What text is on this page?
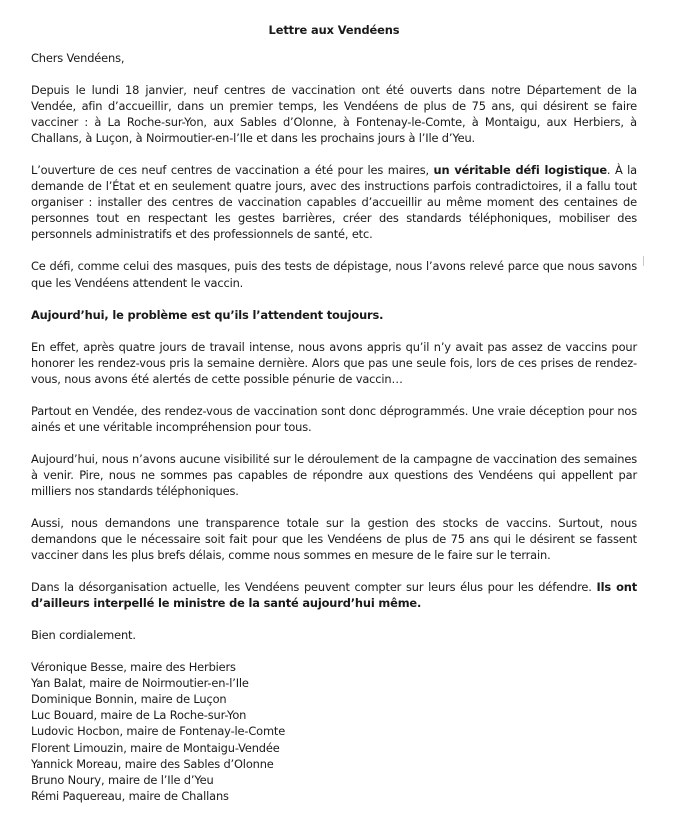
Lettre aux Vendéens

Chers Vendéens,

Depuis le lundi 18 janvier, neuf centres de vaccination ont été ouverts dans notre Département de la Vendée, afin d’accueillir, dans un premier temps, les Vendéens de plus de 75 ans, qui désirent se faire vacciner : à La Roche-sur-Yon, aux Sables d’Olonne, à Fontenay-le-Comte, à Montaigu, aux Herbiers, à Challans, à Luçon, à Noirmoutier-en-l’Ile et dans les prochains jours à l’Ile d’Yeu.

L’ouverture de ces neuf centres de vaccination a été pour les maires, un véritable défi logistique. À la demande de l’État et en seulement quatre jours, avec des instructions parfois contradictoires, il a fallu tout organiser : installer des centres de vaccination capables d’accueillir au même moment des centaines de personnes tout en respectant les gestes barrières, créer des standards téléphoniques, mobiliser des personnels administratifs et des professionnels de santé, etc.

Ce défi, comme celui des masques, puis des tests de dépistage, nous l’avons relevé parce que nous savons que les Vendéens attendent le vaccin.

Aujourd’hui, le problème est qu’ils l’attendent toujours.

En effet, après quatre jours de travail intense, nous avons appris qu’il n’y avait pas assez de vaccins pour honorer les rendez-vous pris la semaine dernière. Alors que pas une seule fois, lors de ces prises de rendez-vous, nous avons été alertés de cette possible pénurie de vaccin…

Partout en Vendée, des rendez-vous de vaccination sont donc déprogrammés. Une vraie déception pour nos ainés et une véritable incompréhension pour tous.

Aujourd’hui, nous n’avons aucune visibilité sur le déroulement de la campagne de vaccination des semaines à venir. Pire, nous ne sommes pas capables de répondre aux questions des Vendéens qui appellent par milliers nos standards téléphoniques.

Aussi, nous demandons une transparence totale sur la gestion des stocks de vaccins. Surtout, nous demandons que le nécessaire soit fait pour que les Vendéens de plus de 75 ans qui le désirent se fassent vacciner dans les plus brefs délais, comme nous sommes en mesure de le faire sur le terrain.

Dans la désorganisation actuelle, les Vendéens peuvent compter sur leurs élus pour les défendre. Ils ont d’ailleurs interpellé le ministre de la santé aujourd’hui même.

Bien cordialement.

Véronique Besse, maire des Herbiers
Yan Balat, maire de Noirmoutier-en-l’Ile
Dominique Bonnin, maire de Luçon
Luc Bouard, maire de La Roche-sur-Yon
Ludovic Hocbon, maire de Fontenay-le-Comte
Florent Limouzin, maire de Montaigu-Vendée
Yannick Moreau, maire des Sables d’Olonne
Bruno Noury, maire de l’Ile d’Yeu
Rémi Paquereau, maire de Challans
